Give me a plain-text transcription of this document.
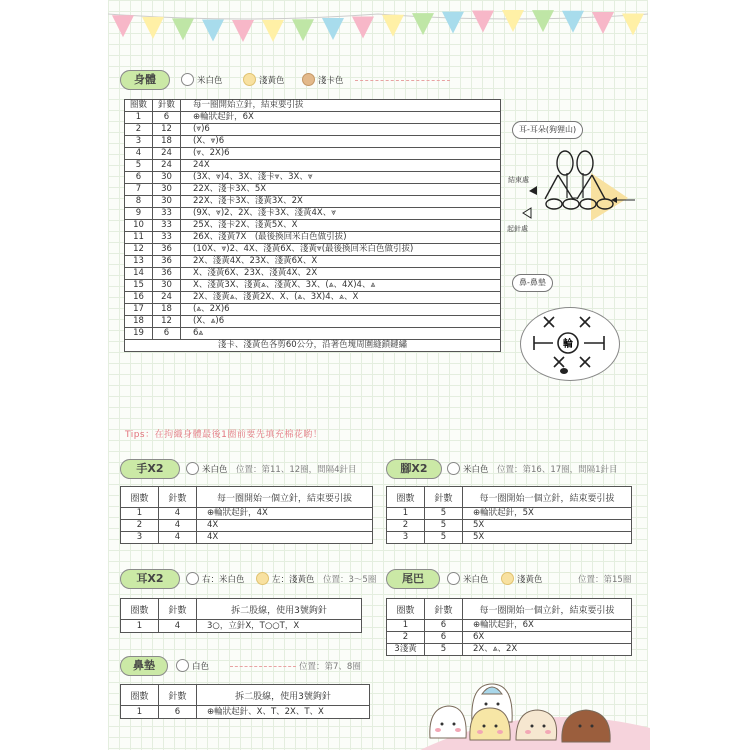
身體	米白色	淺黃色	淺卡色
圈數	針數	每一圈開始立針，結束要引拔
1	6	⊕輪狀起針，6X
2	12	(⩔)6
3	18	(X、⩔)6
4	24	(⩔、2X)6
5	24	24X
6	30	(3X、⩔)4、3X、淺卡⩔、3X、⩔
7	30	22X、淺卡3X、5X
8	30	22X、淺卡3X、淺黃3X、2X
9	33	(9X、⩔)2、2X、淺卡3X、淺黃4X、⩔
10	33	25X、淺卡2X、淺黃5X、X
11	33	26X、淺黃7X　(最後換回米白色做引拔)
12	36	(10X、⩔)2、4X、淺黃6X、淺黃⩔(最後換回米白色做引拔)
13	36	2X、淺黃4X、23X、淺黃6X、X
14	36	X、淺黃6X、23X、淺黃4X、2X
15	30	X、淺黃3X、淺黃⩓、淺黃X、3X、(⩓、4X)4、⩓
16	24	2X、淺黃⩓、淺黃2X、X、(⩓、3X)4、⩓、X
17	18	(⩓、2X)6
18	12	(X、⩓)6
19	6	6⩓
淺卡、淺黃色各剪60公分，沿著色塊周圍縫鎖鏈繡		
Tips：在拘織身體最後1圈前要先填充棉花喲！
耳-耳朵(狗狸山)
結束處
起針處
鼻-鼻墊
輪
手X2	米白色 位置：第11、12圈，間隔4針目
圈數	針數	每一圈開始一個立針，結束要引拔
1	4	⊕輪狀起針，4X
2	4	4X
3	4	4X
腳X2	米白色 位置：第16、17圈，間隔1針目
圈數	針數	每一圈開始一個立針，結束要引拔
1	5	⊕輪狀起針，5X
2	5	5X
3	5	5X
耳X2	右：米白色	左：淺黃色 位置：3～5圈
圈數	針數	拆二股線，使用3號鉤針
1	4	3○，立針X，T○○T，X
尾巴	米白色	淺黃色	位置：第15圈
圈數	針數	每一圈開始一個立針，結束要引拔
1	6	⊕輪狀起針，6X
2	6	6X
3淺黃	5	2X、⩓、2X
鼻墊	白色	位置：第7、8圈
圈數	針數	拆二股線，使用3號鉤針
1	6	⊕輪狀起針、X、T、2X、T、X
